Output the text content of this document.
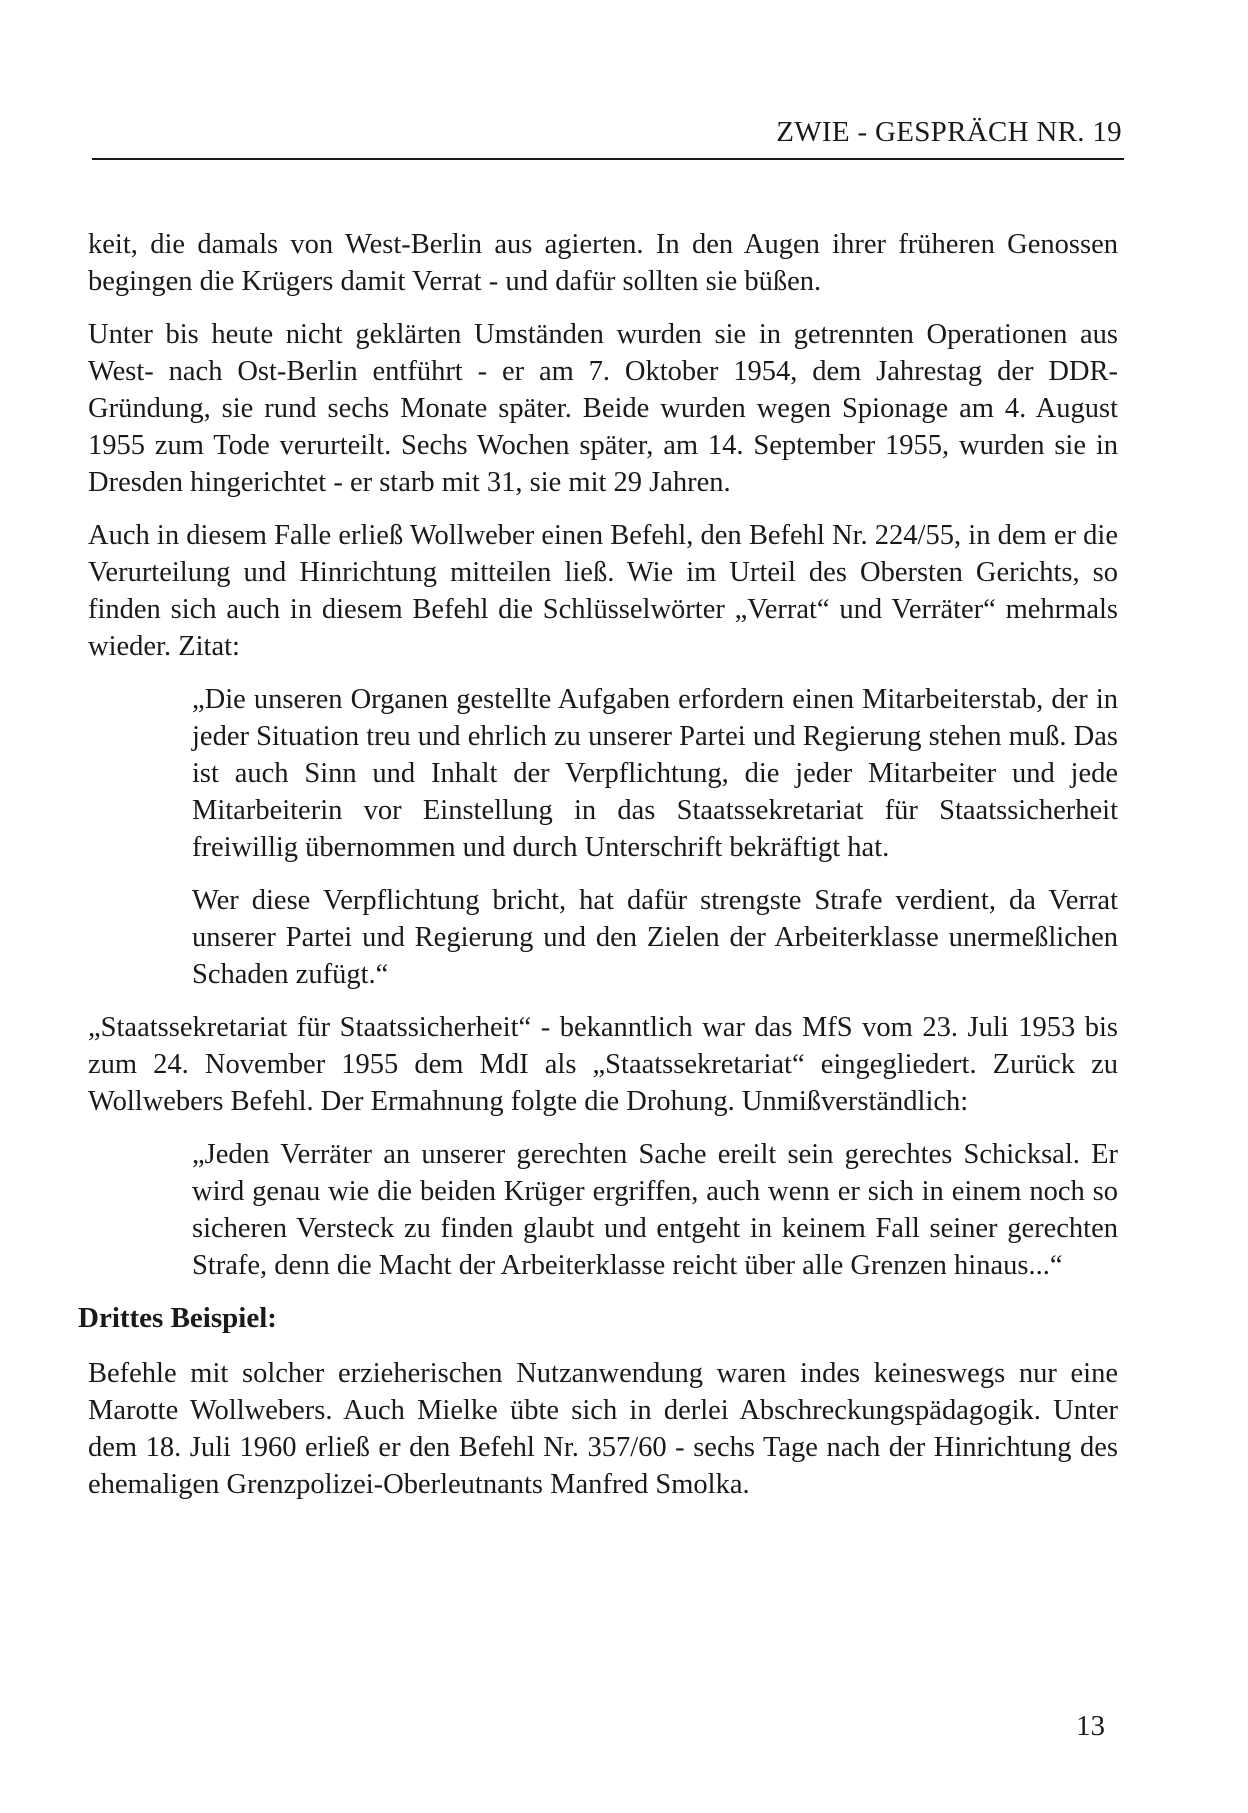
ZWIE - GESPRÄCH NR. 19

keit, die damals von West-Berlin aus agierten. In den Augen ihrer früheren Genossen begingen die Krügers damit Verrat - und dafür sollten sie büßen.

Unter bis heute nicht geklärten Umständen wurden sie in getrennten Operationen aus West- nach Ost-Berlin entführt - er am 7. Oktober 1954, dem Jahrestag der DDR-Gründung, sie rund sechs Monate später. Beide wurden wegen Spionage am 4. August 1955 zum Tode verurteilt. Sechs Wochen später, am 14. September 1955, wurden sie in Dresden hingerichtet - er starb mit 31, sie mit 29 Jahren.

Auch in diesem Falle erließ Wollweber einen Befehl, den Befehl Nr. 224/55, in dem er die Verurteilung und Hinrichtung mitteilen ließ. Wie im Urteil des Obersten Gerichts, so finden sich auch in diesem Befehl die Schlüsselwörter „Verrat“ und Verräter“ mehrmals wieder. Zitat:

„Die unseren Organen gestellte Aufgaben erfordern einen Mitarbeiterstab, der in jeder Situation treu und ehrlich zu unserer Partei und Regierung stehen muß. Das ist auch Sinn und Inhalt der Verpflichtung, die jeder Mitarbeiter und jede Mitarbeiterin vor Einstellung in das Staatssekretariat für Staatssicherheit freiwillig übernommen und durch Unterschrift bekräftigt hat.

Wer diese Verpflichtung bricht, hat dafür strengste Strafe verdient, da Verrat unserer Partei und Regierung und den Zielen der Arbeiterklasse unermeßlichen Schaden zufügt.“

„Staatssekretariat für Staatssicherheit“ - bekanntlich war das MfS vom 23. Juli 1953 bis zum 24. November 1955 dem MdI als „Staatssekretariat“ eingegliedert. Zurück zu Wollwebers Befehl. Der Ermahnung folgte die Drohung. Unmißverständlich:

„Jeden Verräter an unserer gerechten Sache ereilt sein gerechtes Schicksal. Er wird genau wie die beiden Krüger ergriffen, auch wenn er sich in einem noch so sicheren Versteck zu finden glaubt und entgeht in keinem Fall seiner gerechten Strafe, denn die Macht der Arbeiterklasse reicht über alle Grenzen hinaus...“

Drittes Beispiel:

Befehle mit solcher erzieherischen Nutzanwendung waren indes keineswegs nur eine Marotte Wollwebers. Auch Mielke übte sich in derlei Abschreckungspädagogik. Unter dem 18. Juli 1960 erließ er den Befehl Nr. 357/60 - sechs Tage nach der Hinrichtung des ehemaligen Grenzpolizei-Oberleutnants Manfred Smolka.

13
